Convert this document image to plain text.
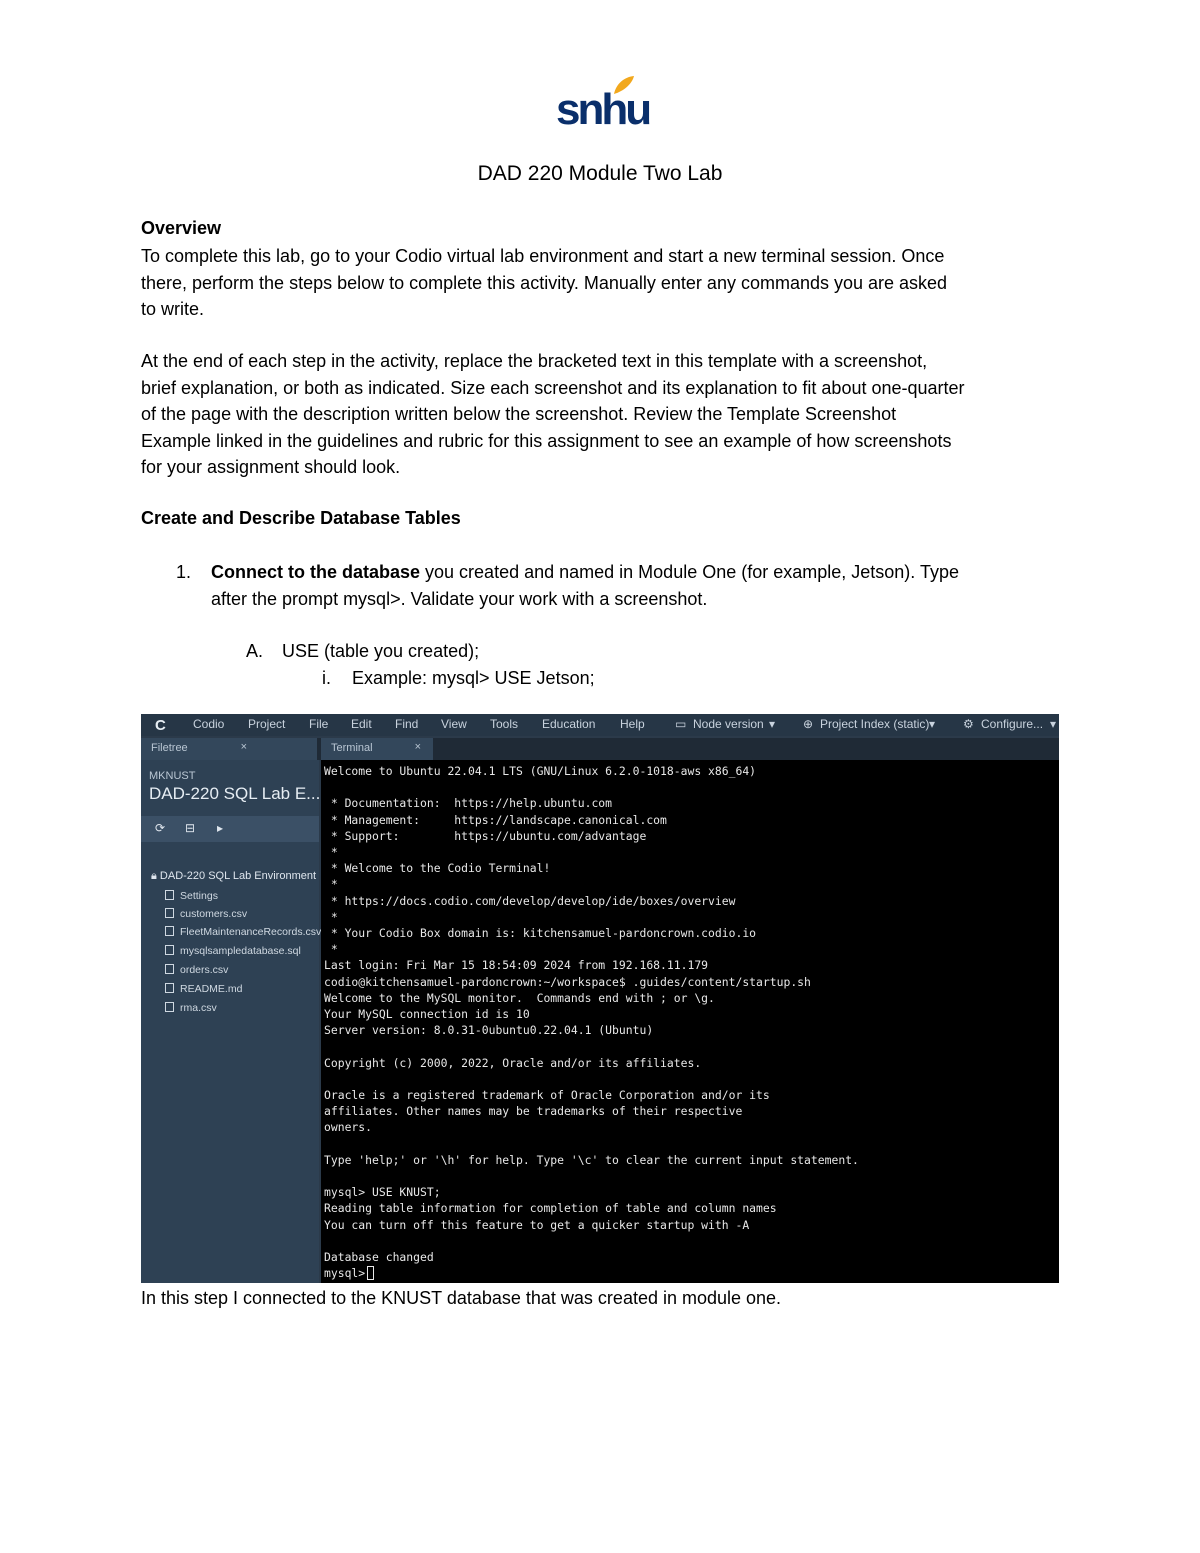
snhu
DAD 220 Module Two Lab
Overview
To complete this lab, go to your Codio virtual lab environment and start a new terminal session. Once
there, perform the steps below to complete this activity. Manually enter any commands you are asked
to write.
At the end of each step in the activity, replace the bracketed text in this template with a screenshot,
brief explanation, or both as indicated. Size each screenshot and its explanation to fit about one-quarter
of the page with the description written below the screenshot. Review the Template Screenshot
Example linked in the guidelines and rubric for this assignment to see an example of how screenshots
for your assignment should look.
Create and Describe Database Tables
1. Connect to the database you created and named in Module One (for example, Jetson). Type
after the prompt mysql>. Validate your work with a screenshot.
A. USE (table you created);
i. Example: mysql> USE Jetson;
C Codio Project File Edit Find View Tools Education Help	▭ Node version ▾ ⊕ Project Index (static) ▾ ⚙ Configure... ▾
Filetree	×	Terminal	×
MKNUST
DAD-220 SQL Lab E...
⟳ ⊟ ▸
🔒︎ DAD-220 SQL Lab Environment
Settings
customers.csv
FleetMaintenanceRecords.csv
mysqlsampledatabase.sql
orders.csv
README.md
rma.csv
Welcome to Ubuntu 22.04.1 LTS (GNU/Linux 6.2.0-1018-aws x86_64)
* Documentation:  https://help.ubuntu.com
* Management:     https://landscape.canonical.com
* Support:        https://ubuntu.com/advantage
*
* Welcome to the Codio Terminal!
*
* https://docs.codio.com/develop/develop/ide/boxes/overview
*
* Your Codio Box domain is: kitchensamuel-pardoncrown.codio.io
*
Last login: Fri Mar 15 18:54:09 2024 from 192.168.11.179
codio@kitchensamuel-pardoncrown:~/workspace$ .guides/content/startup.sh
Welcome to the MySQL monitor.  Commands end with ; or \g.
Your MySQL connection id is 10
Server version: 8.0.31-0ubuntu0.22.04.1 (Ubuntu)
Copyright (c) 2000, 2022, Oracle and/or its affiliates.
Oracle is a registered trademark of Oracle Corporation and/or its
affiliates. Other names may be trademarks of their respective
owners.
Type 'help;' or '\h' for help. Type '\c' to clear the current input statement.
mysql> USE KNUST;
Reading table information for completion of table and column names
You can turn off this feature to get a quicker startup with -A
Database changed
mysql>
In this step I connected to the KNUST database that was created in module one.
